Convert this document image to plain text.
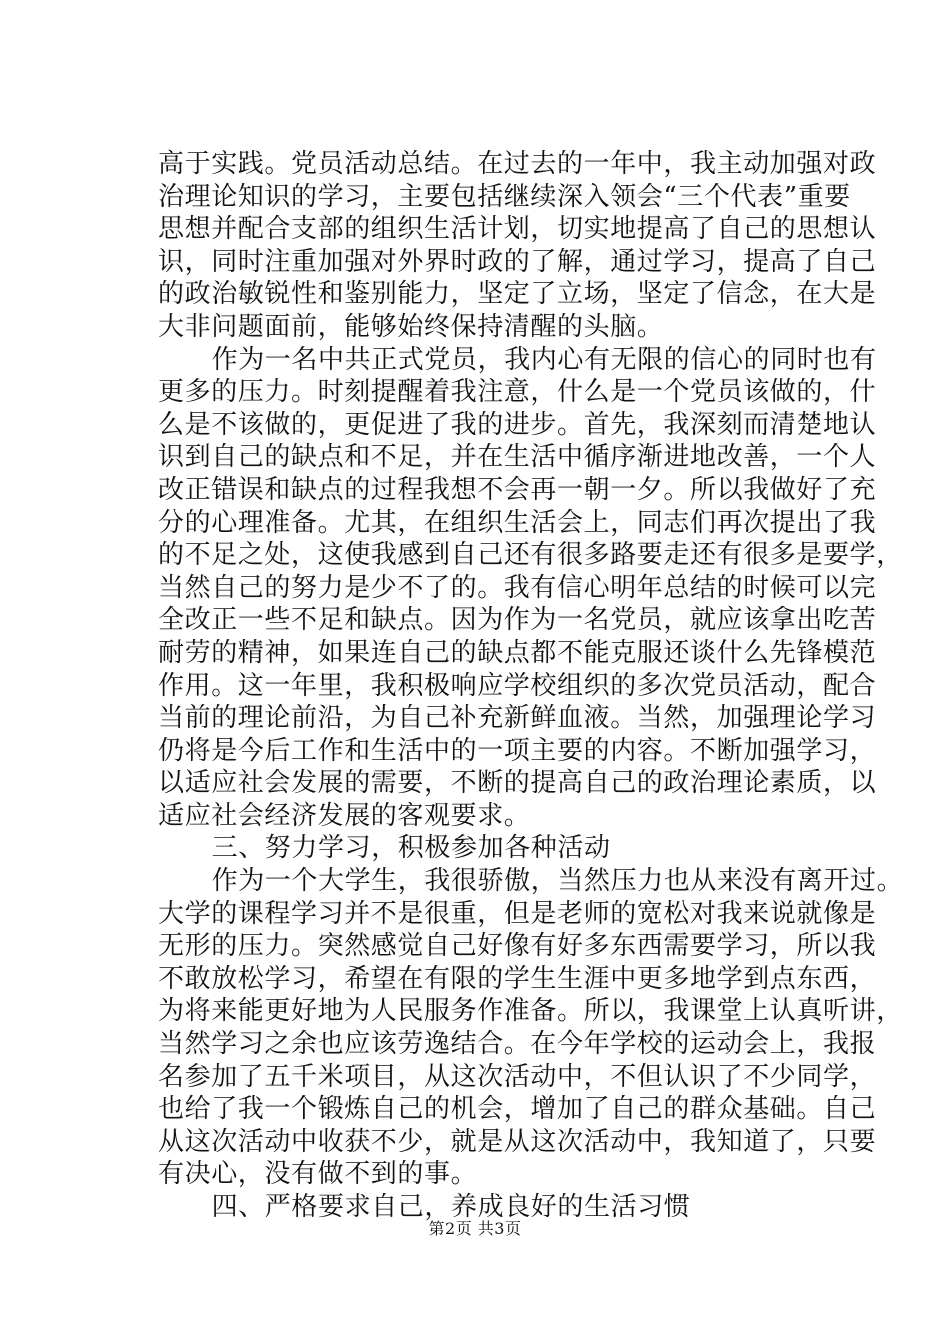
高于实践。党员活动总结。在过去的一年中，我主动加强对政
治理论知识的学习，主要包括继续深入领会“三个代表”重要
思想并配合支部的组织生活计划，切实地提高了自己的思想认
识，同时注重加强对外界时政的了解，通过学习，提高了自己
的政治敏锐性和鉴别能力，坚定了立场，坚定了信念，在大是
大非问题面前，能够始终保持清醒的头脑。
　作为一名中共正式党员，我内心有无限的信心的同时也有
更多的压力。时刻提醒着我注意，什么是一个党员该做的，什
么是不该做的，更促进了我的进步。首先，我深刻而清楚地认
识到自己的缺点和不足，并在生活中循序渐进地改善，一个人
改正错误和缺点的过程我想不会再一朝一夕。所以我做好了充
分的心理准备。尤其，在组织生活会上，同志们再次提出了我
的不足之处，这使我感到自己还有很多路要走还有很多是要学，
当然自己的努力是少不了的。我有信心明年总结的时候可以完
全改正一些不足和缺点。因为作为一名党员，就应该拿出吃苦
耐劳的精神，如果连自己的缺点都不能克服还谈什么先锋模范
作用。这一年里，我积极响应学校组织的多次党员活动，配合
当前的理论前沿，为自己补充新鲜血液。当然，加强理论学习
仍将是今后工作和生活中的一项主要的内容。不断加强学习，
以适应社会发展的需要，不断的提高自己的政治理论素质，以
适应社会经济发展的客观要求。
　三、努力学习，积极参加各种活动
　作为一个大学生，我很骄傲，当然压力也从来没有离开过。
大学的课程学习并不是很重，但是老师的宽松对我来说就像是
无形的压力。突然感觉自己好像有好多东西需要学习，所以我
不敢放松学习，希望在有限的学生生涯中更多地学到点东西，
为将来能更好地为人民服务作准备。所以，我课堂上认真听讲，
当然学习之余也应该劳逸结合。在今年学校的运动会上，我报
名参加了五千米项目，从这次活动中，不但认识了不少同学，
也给了我一个锻炼自己的机会，增加了自己的群众基础。自己
从这次活动中收获不少，就是从这次活动中，我知道了，只要
有决心，没有做不到的事。
　四、严格要求自己，养成良好的生活习惯
第2页 共3页
